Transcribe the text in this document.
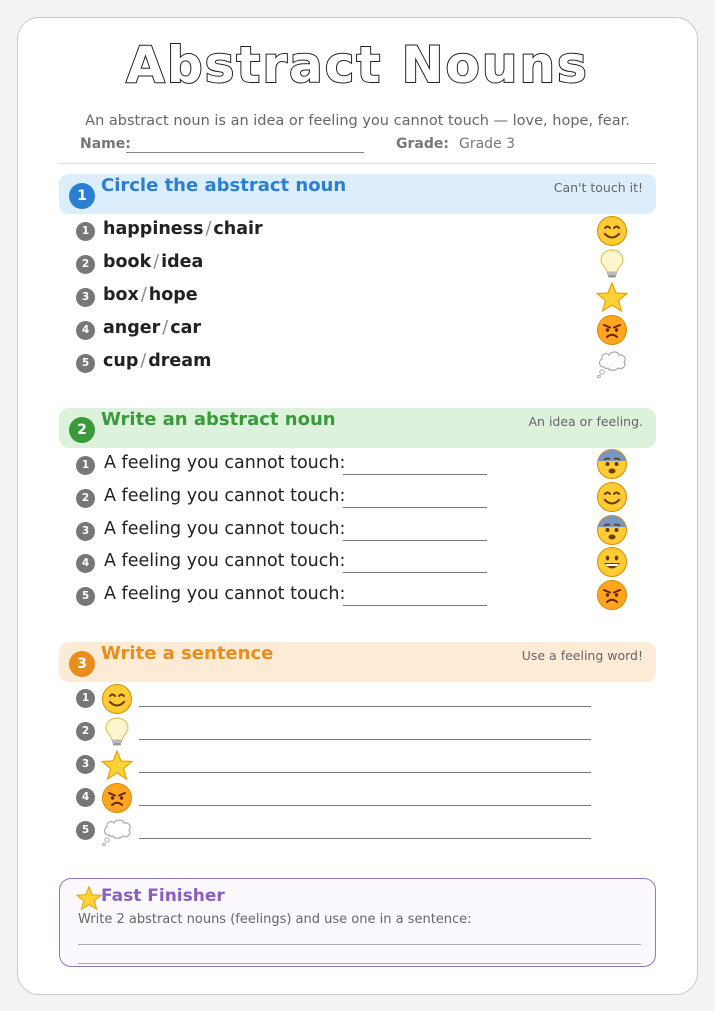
Abstract Nouns
An abstract noun is an idea or feeling you cannot touch — love, hope, fear.
Name:	Grade: Grade 3
1 Circle the abstract noun	Can't touch it!
1 happiness / chair
2 book / idea
3 box / hope
4 anger / car
5 cup / dream
2 Write an abstract noun	An idea or feeling.
1 A feeling you cannot touch:
2 A feeling you cannot touch:
3 A feeling you cannot touch:
4 A feeling you cannot touch:
5 A feeling you cannot touch:
3 Write a sentence	Use a feeling word!
1
2
3
4
5
Fast Finisher
Write 2 abstract nouns (feelings) and use one in a sentence:
